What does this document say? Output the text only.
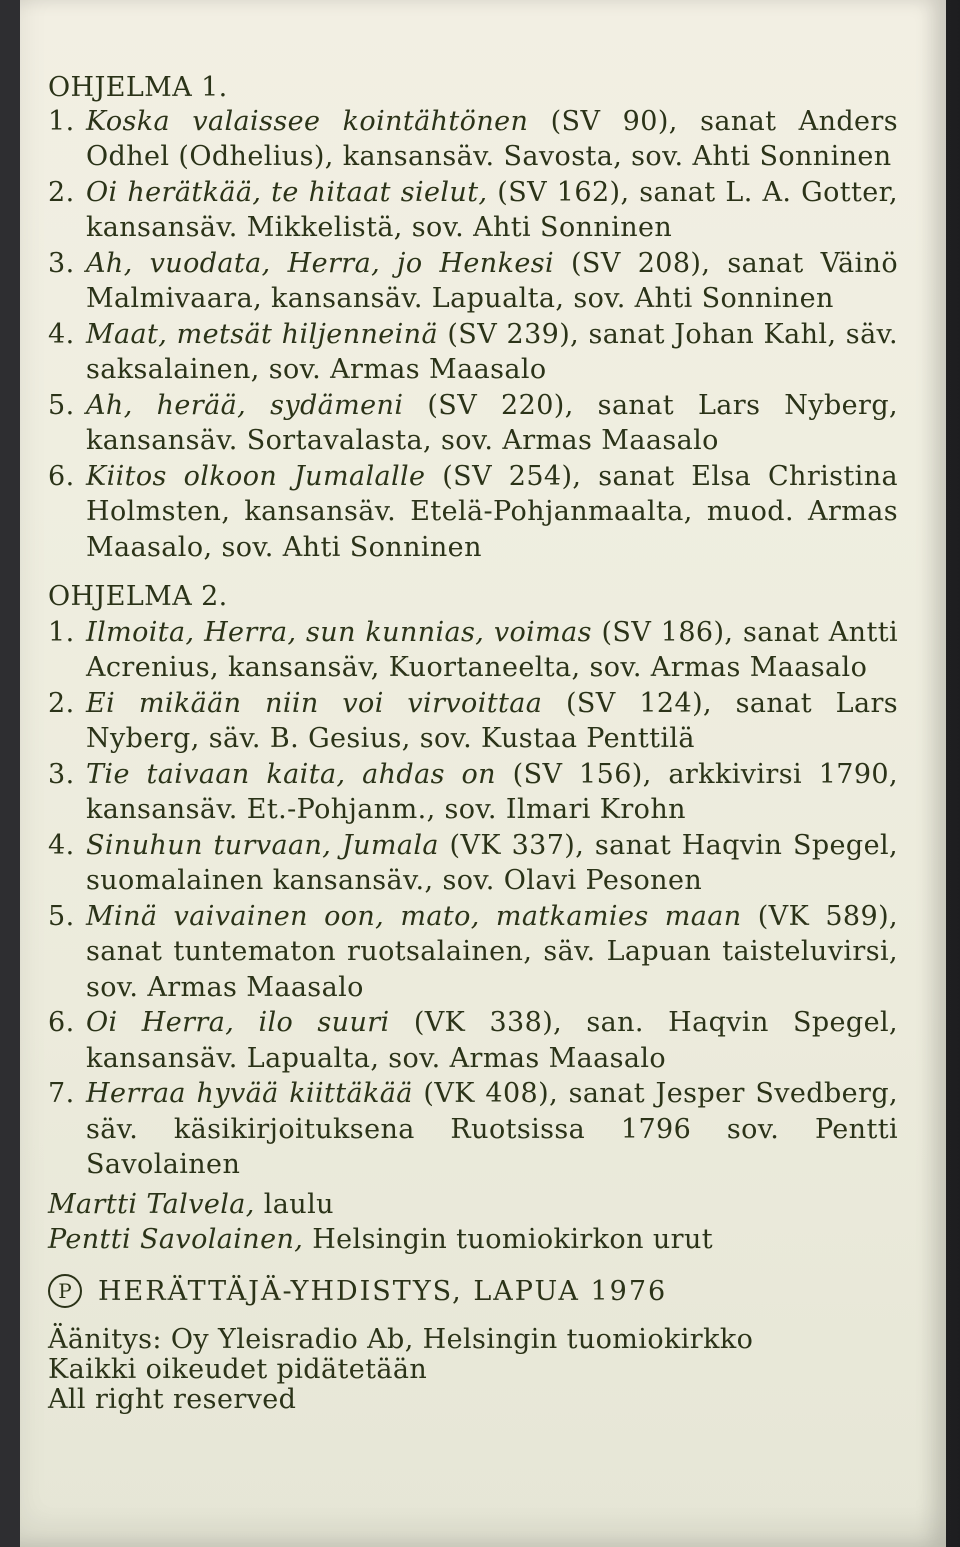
OHJELMA 1.

1. Koska valaissee kointähtönen (SV 90), sanat Anders Odhel (Odhelius), kansansäv. Savosta, sov. Ahti Sonninen
2. Oi herätkää, te hitaat sielut, (SV 162), sanat L. A. Gotter, kansansäv. Mikkelistä, sov. Ahti Sonninen
3. Ah, vuodata, Herra, jo Henkesi (SV 208), sanat Väinö Malmivaara, kansansäv. Lapualta, sov. Ahti Sonninen
4. Maat, metsät hiljenneinä (SV 239), sanat Johan Kahl, säv. saksalainen, sov. Armas Maasalo
5. Ah, herää, sydämeni (SV 220), sanat Lars Nyberg, kansansäv. Sortavalasta, sov. Armas Maasalo
6. Kiitos olkoon Jumalalle (SV 254), sanat Elsa Christina Holmsten, kansansäv. Etelä-Pohjanmaalta, muod. Armas Maasalo, sov. Ahti Sonninen

OHJELMA 2.

1. Ilmoita, Herra, sun kunnias, voimas (SV 186), sanat Antti Acrenius, kansansäv, Kuortaneelta, sov. Armas Maasalo
2. Ei mikään niin voi virvoittaa (SV 124), sanat Lars Nyberg, säv. B. Gesius, sov. Kustaa Penttilä
3. Tie taivaan kaita, ahdas on (SV 156), arkkivirsi 1790, kansansäv. Et.-Pohjanm., sov. Ilmari Krohn
4. Sinuhun turvaan, Jumala (VK 337), sanat Haqvin Spegel, suomalainen kansansäv., sov. Olavi Pesonen
5. Minä vaivainen oon, mato, matkamies maan (VK 589), sanat tuntematon ruotsalainen, säv. Lapuan taisteluvirsi, sov. Armas Maasalo
6. Oi Herra, ilo suuri (VK 338), san. Haqvin Spegel, kansansäv. Lapualta, sov. Armas Maasalo
7. Herraa hyvää kiittäkää (VK 408), sanat Jesper Svedberg, säv. käsikirjoituksena Ruotsissa 1796 sov. Pentti Savolainen
Martti Talvela, laulu
Pentti Savolainen, Helsingin tuomiokirkon urut
P HERÄTTÄJÄ-YHDISTYS, LAPUA 1976
Äänitys: Oy Yleisradio Ab, Helsingin tuomiokirkko
Kaikki oikeudet pidätetään
All right reserved
